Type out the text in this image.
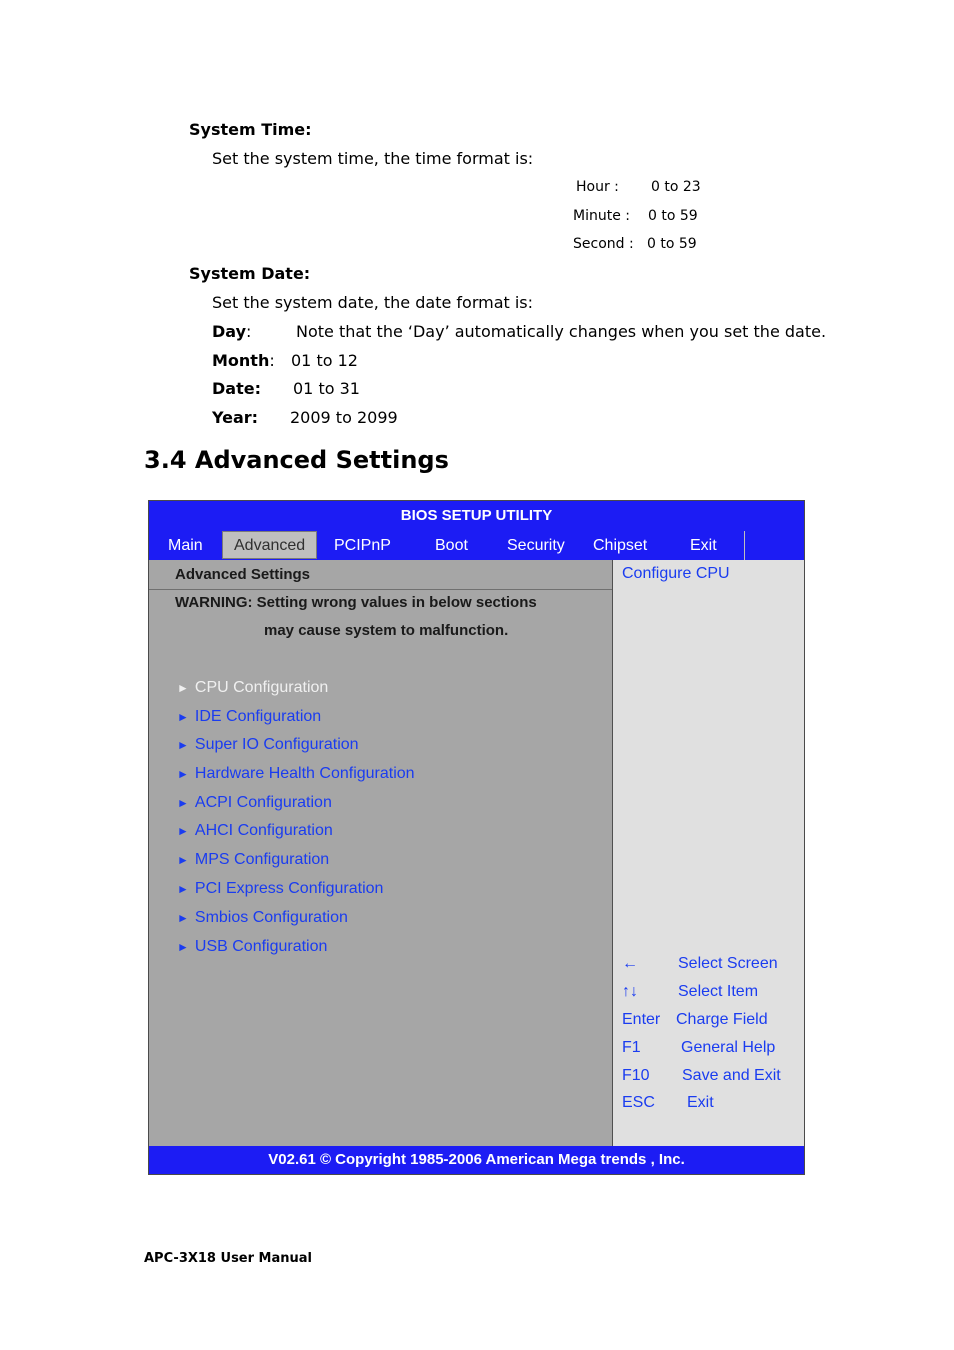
System Time:
Set the system time, the time format is:
Hour : 0 to 23
Minute : 0 to 59
Second : 0 to 59
System Date:
Set the system date, the date format is:
Day:	Note that the ‘Day’ automatically changes when you set the date.
Month: 01 to 12
Date: 01 to 31
Year: 2009 to 2099
3.4 Advanced Settings
BIOS SETUP UTILITY
Main	Advanced	PCIPnP	Boot Security Chipset	Exit
Advanced Settings
WARNING: Setting wrong values in below sections
may cause system to malfunction.
► CPU Configuration
► IDE Configuration
► Super IO Configuration
► Hardware Health Configuration
► ACPI Configuration
► AHCI Configuration
► MPS Configuration
► PCI Express Configuration
► Smbios Configuration
► USB Configuration
Configure CPU
←	Select Screen
↑↓	Select Item
Enter Charge Field
F1	General Help
F10 Save and Exit
ESC Exit
V02.61 © Copyright 1985-2006 American Mega trends , Inc.
APC-3X18 User Manual
